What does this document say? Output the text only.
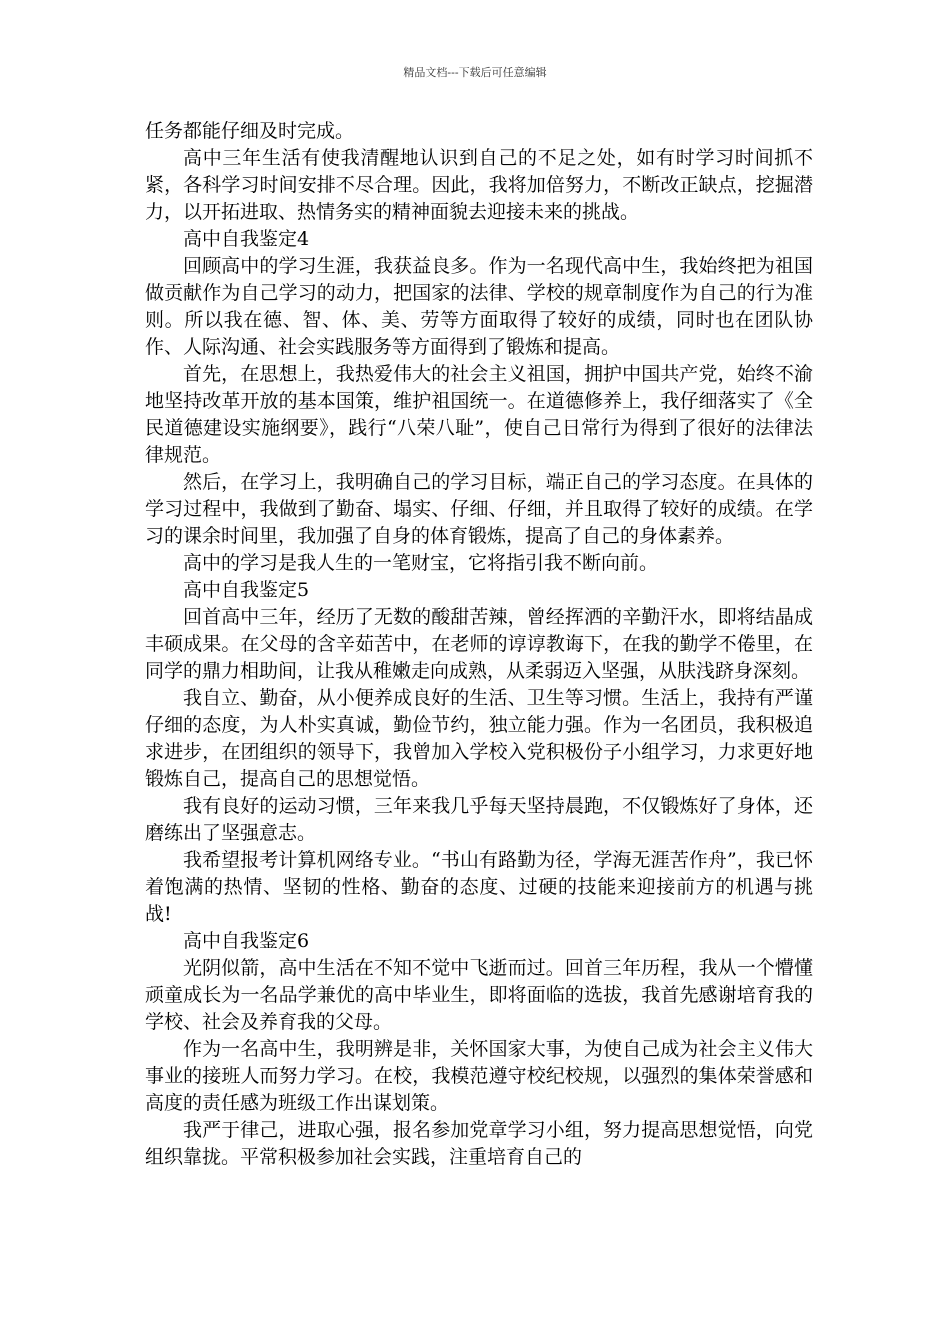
精品文档---下载后可任意编辑

任务都能仔细及时完成。

高中三年生活有使我清醒地认识到自己的不足之处，如有时学习时间抓不紧，各科学习时间安排不尽合理。因此，我将加倍努力，不断改正缺点，挖掘潜力，以开拓进取、热情务实的精神面貌去迎接未来的挑战。

高中自我鉴定4

回顾高中的学习生涯，我获益良多。作为一名现代高中生，我始终把为祖国做贡献作为自己学习的动力，把国家的法律、学校的规章制度作为自己的行为准则。所以我在德、智、体、美、劳等方面取得了较好的成绩，同时也在团队协作、人际沟通、社会实践服务等方面得到了锻炼和提高。

首先，在思想上，我热爱伟大的社会主义祖国，拥护中国共产党，始终不渝地坚持改革开放的基本国策，维护祖国统一。在道德修养上，我仔细落实了《全民道德建设实施纲要》，践行“八荣八耻”，使自己日常行为得到了很好的法律法律规范。

然后，在学习上，我明确自己的学习目标，端正自己的学习态度。在具体的学习过程中，我做到了勤奋、塌实、仔细、仔细，并且取得了较好的成绩。在学习的课余时间里，我加强了自身的体育锻炼，提高了自己的身体素养。

高中的学习是我人生的一笔财宝，它将指引我不断向前。

高中自我鉴定5

回首高中三年，经历了无数的酸甜苦辣，曾经挥洒的辛勤汗水，即将结晶成丰硕成果。在父母的含辛茹苦中，在老师的谆谆教诲下，在我的勤学不倦里，在同学的鼎力相助间，让我从稚嫩走向成熟，从柔弱迈入坚强，从肤浅跻身深刻。

我自立、勤奋，从小便养成良好的生活、卫生等习惯。生活上，我持有严谨仔细的态度，为人朴实真诚，勤俭节约，独立能力强。作为一名团员，我积极追求进步，在团组织的领导下，我曾加入学校入党积极份子小组学习，力求更好地锻炼自己，提高自己的思想觉悟。

我有良好的运动习惯，三年来我几乎每天坚持晨跑，不仅锻炼好了身体，还磨练出了坚强意志。

我希望报考计算机网络专业。“书山有路勤为径，学海无涯苦作舟”，我已怀着饱满的热情、坚韧的性格、勤奋的态度、过硬的技能来迎接前方的机遇与挑战!

高中自我鉴定6

光阴似箭，高中生活在不知不觉中飞逝而过。回首三年历程，我从一个懵懂顽童成长为一名品学兼优的高中毕业生，即将面临的选拔，我首先感谢培育我的学校、社会及养育我的父母。

作为一名高中生，我明辨是非，关怀国家大事，为使自己成为社会主义伟大事业的接班人而努力学习。在校，我模范遵守校纪校规，以强烈的集体荣誉感和高度的责任感为班级工作出谋划策。

我严于律己，进取心强，报名参加党章学习小组，努力提高思想觉悟，向党组织靠拢。平常积极参加社会实践，注重培育自己的
